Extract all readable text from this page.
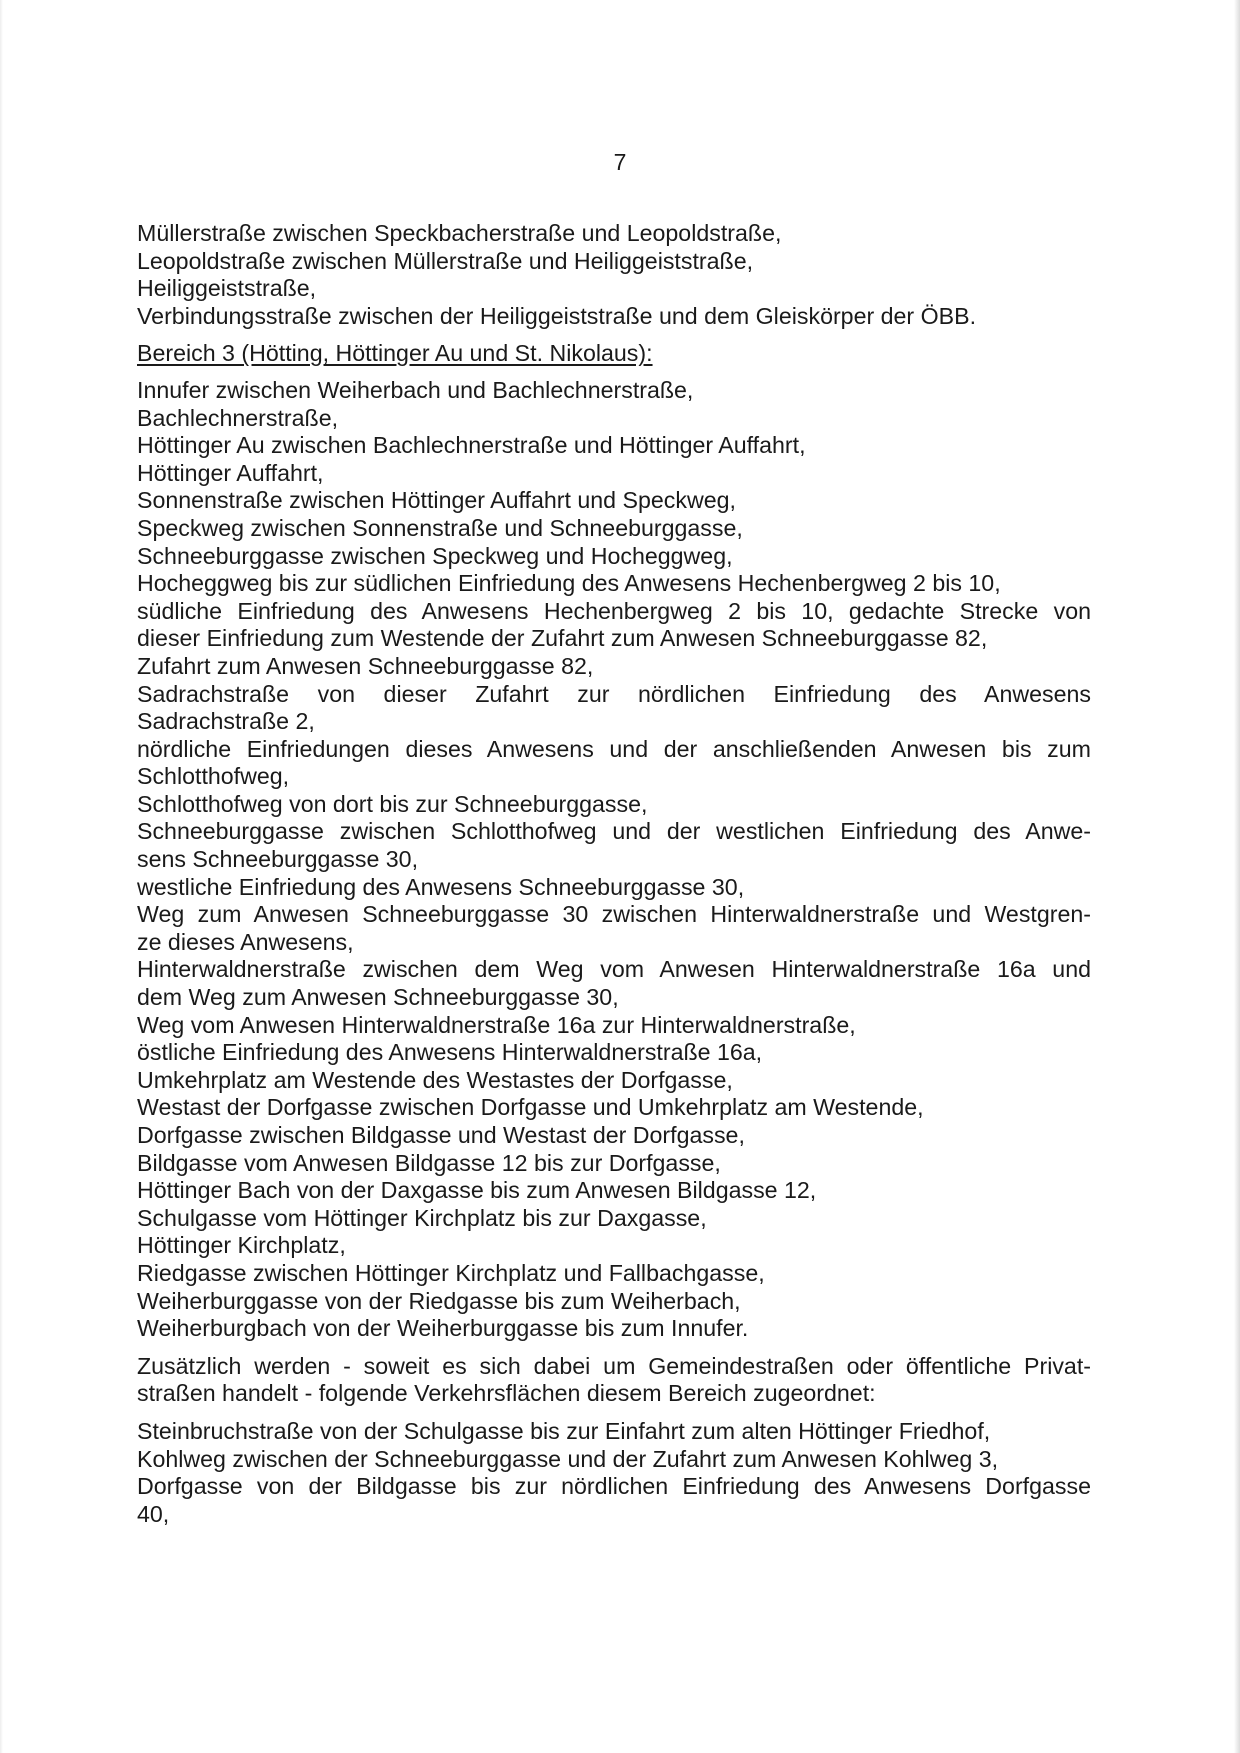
7
Müllerstraße zwischen Speckbacherstraße und Leopoldstraße,
Leopoldstraße zwischen Müllerstraße und Heiliggeiststraße,
Heiliggeiststraße,
Verbindungsstraße zwischen der Heiliggeiststraße und dem Gleiskörper der ÖBB.
Bereich 3 (Hötting, Höttinger Au und St. Nikolaus):
Innufer zwischen Weiherbach und Bachlechnerstraße,
Bachlechnerstraße,
Höttinger Au zwischen Bachlechnerstraße und Höttinger Auffahrt,
Höttinger Auffahrt,
Sonnenstraße zwischen Höttinger Auffahrt und Speckweg,
Speckweg zwischen Sonnenstraße und Schneeburggasse,
Schneeburggasse zwischen Speckweg und Hocheggweg,
Hocheggweg bis zur südlichen Einfriedung des Anwesens Hechenbergweg 2 bis 10,
südliche Einfriedung des Anwesens Hechenbergweg 2 bis 10, gedachte Strecke von
dieser Einfriedung zum Westende der Zufahrt zum Anwesen Schneeburggasse 82,
Zufahrt zum Anwesen Schneeburggasse 82,
Sadrachstraße von dieser Zufahrt zur nördlichen Einfriedung des Anwesens
Sadrachstraße 2,
nördliche Einfriedungen dieses Anwesens und der anschließenden Anwesen bis zum
Schlotthofweg,
Schlotthofweg von dort bis zur Schneeburggasse,
Schneeburggasse zwischen Schlotthofweg und der westlichen Einfriedung des Anwe-
sens Schneeburggasse 30,
westliche Einfriedung des Anwesens Schneeburggasse 30,
Weg zum Anwesen Schneeburggasse 30 zwischen Hinterwaldnerstraße und Westgren-
ze dieses Anwesens,
Hinterwaldnerstraße zwischen dem Weg vom Anwesen Hinterwaldnerstraße 16a und
dem Weg zum Anwesen Schneeburggasse 30,
Weg vom Anwesen Hinterwaldnerstraße 16a zur Hinterwaldnerstraße,
östliche Einfriedung des Anwesens Hinterwaldnerstraße 16a,
Umkehrplatz am Westende des Westastes der Dorfgasse,
Westast der Dorfgasse zwischen Dorfgasse und Umkehrplatz am Westende,
Dorfgasse zwischen Bildgasse und Westast der Dorfgasse,
Bildgasse vom Anwesen Bildgasse 12 bis zur Dorfgasse,
Höttinger Bach von der Daxgasse bis zum Anwesen Bildgasse 12,
Schulgasse vom Höttinger Kirchplatz bis zur Daxgasse,
Höttinger Kirchplatz,
Riedgasse zwischen Höttinger Kirchplatz und Fallbachgasse,
Weiherburggasse von der Riedgasse bis zum Weiherbach,
Weiherburgbach von der Weiherburggasse bis zum Innufer.
Zusätzlich werden - soweit es sich dabei um Gemeindestraßen oder öffentliche Privat-
straßen handelt - folgende Verkehrsflächen diesem Bereich zugeordnet:
Steinbruchstraße von der Schulgasse bis zur Einfahrt zum alten Höttinger Friedhof,
Kohlweg zwischen der Schneeburggasse und der Zufahrt zum Anwesen Kohlweg 3,
Dorfgasse von der Bildgasse bis zur nördlichen Einfriedung des Anwesens Dorfgasse
40,
